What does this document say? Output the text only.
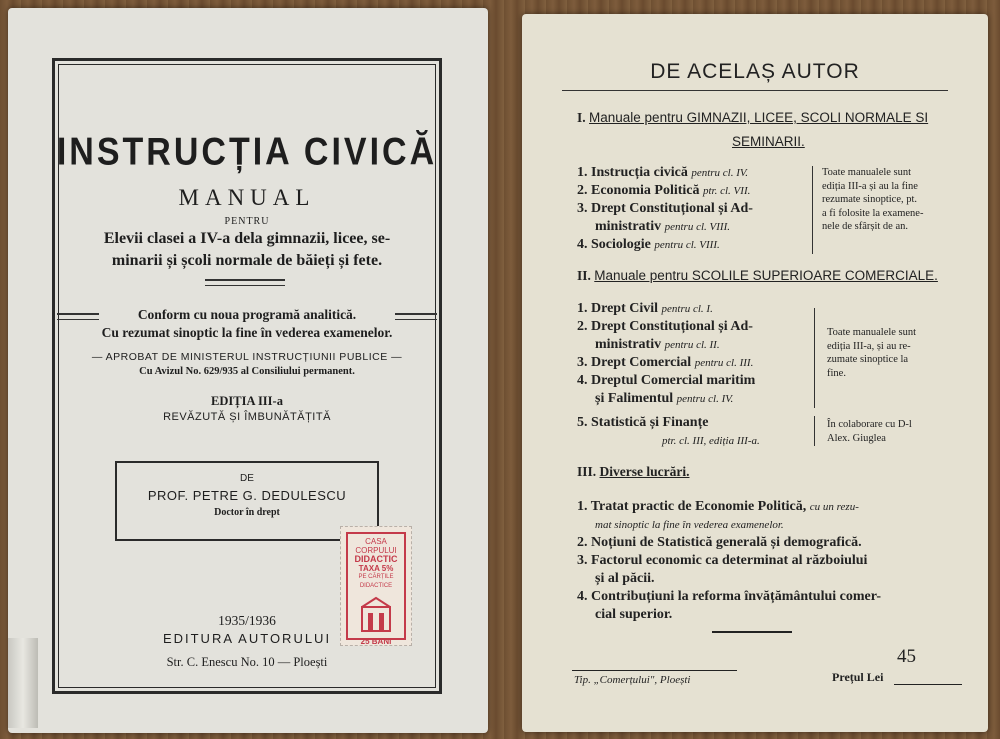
INSTRUCȚIA CIVICĂ
MANUAL
PENTRU
Elevii clasei a IV-a dela gimnazii, licee, se-
minarii și școli normale de băieți și fete.
Conform cu noua programă analitică.
Cu rezumat sinoptic la fine în vederea examenelor.
— APROBAT DE MINISTERUL INSTRUCȚIUNII PUBLICE —
Cu Avizul No. 629/935 al Consiliului permanent.
EDIȚIA III-a
REVĂZUTĂ ȘI ÎMBUNĂTĂȚITĂ
DE
PROF. PETRE G. DEDULESCU
Doctor în drept
1935/1936
EDITURA AUTORULUI
Str. C. Enescu No. 10 — Ploești
CASA CORPULUI
DIDACTIC
TAXA 5%
PE CĂRȚILE DIDACTICE
25 BANI
DE ACELAȘ AUTOR
I. Manuale pentru GIMNAZII, LICEE, SCOLI NORMALE SI
SEMINARII.
1. Instrucția civică pentru cl. IV.
2. Economia Politică ptr. cl. VII.
3. Drept Constituțional și Ad-
ministrativ pentru cl. VIII.
4. Sociologie pentru cl. VIII.
Toate manualele sunt
ediția III-a și au la fine
rezumate sinoptice, pt.
a fi folosite la examene-
nele de sfârșit de an.
II. Manuale pentru SCOLILE SUPERIOARE COMERCIALE.
1. Drept Civil pentru cl. I.
2. Drept Constituțional și Ad-
ministrativ pentru cl. II.
3. Drept Comercial pentru cl. III.
4. Dreptul Comercial maritim
și Falimentul pentru cl. IV.
Toate manualele sunt
ediția III-a, și au re-
zumate sinoptice la
fine.
5. Statistică și Finanțe
ptr. cl. III, ediția III-a.
În colaborare cu D-l
Alex. Giuglea
III. Diverse lucrări.
1. Tratat practic de Economie Politică, cu un rezu-
mat sinoptic la fine în vederea examenelor.
2. Noțiuni de Statistică generală și demografică.
3. Factorul economic ca determinat al războiului
și al păcii.
4. Contribuțiuni la reforma învățământului comer-
cial superior.
Tip. „Comerțului", Ploești
45
Prețul Lei
